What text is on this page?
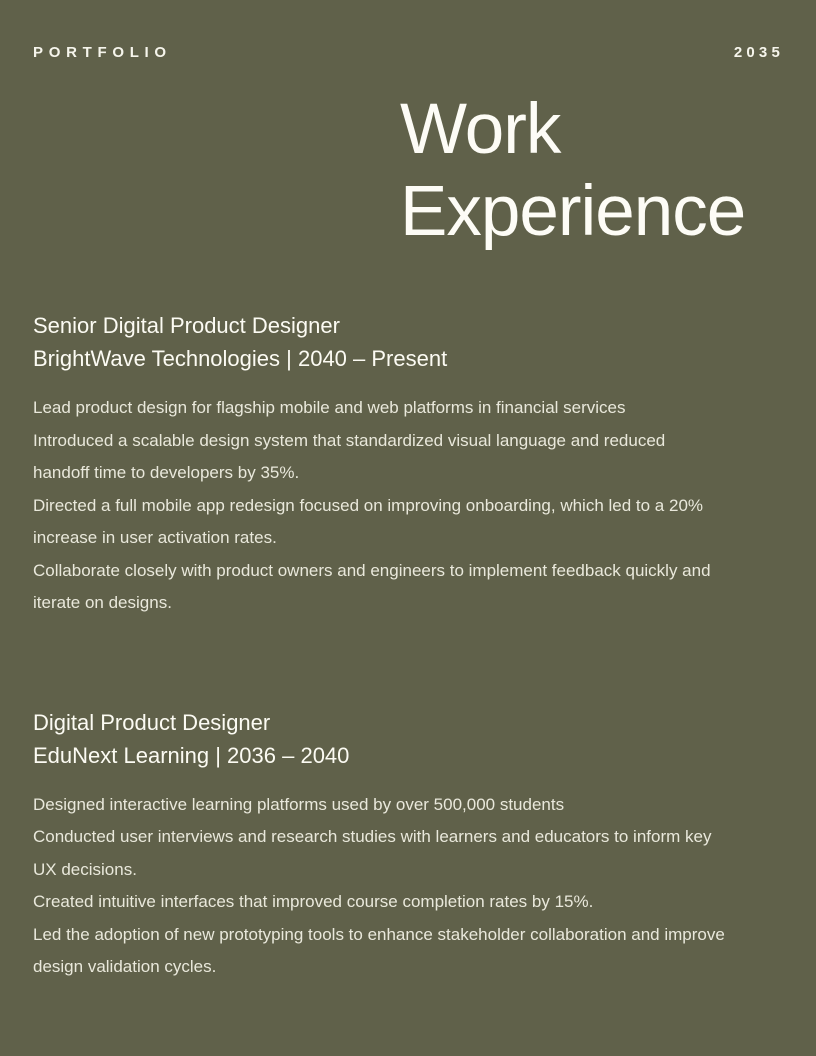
PORTFOLIO	2035
Work
Experience
Senior Digital Product Designer
BrightWave Technologies | 2040 – Present

Lead product design for flagship mobile and web platforms in financial services

Introduced a scalable design system that standardized visual language and reduced handoff time to developers by 35%.

Directed a full mobile app redesign focused on improving onboarding, which led to a 20% increase in user activation rates.

Collaborate closely with product owners and engineers to implement feedback quickly and iterate on designs.

Digital Product Designer
EduNext Learning | 2036 – 2040

Designed interactive learning platforms used by over 500,000 students

Conducted user interviews and research studies with learners and educators to inform key UX decisions.

Created intuitive interfaces that improved course completion rates by 15%.

Led the adoption of new prototyping tools to enhance stakeholder collaboration and improve design validation cycles.
